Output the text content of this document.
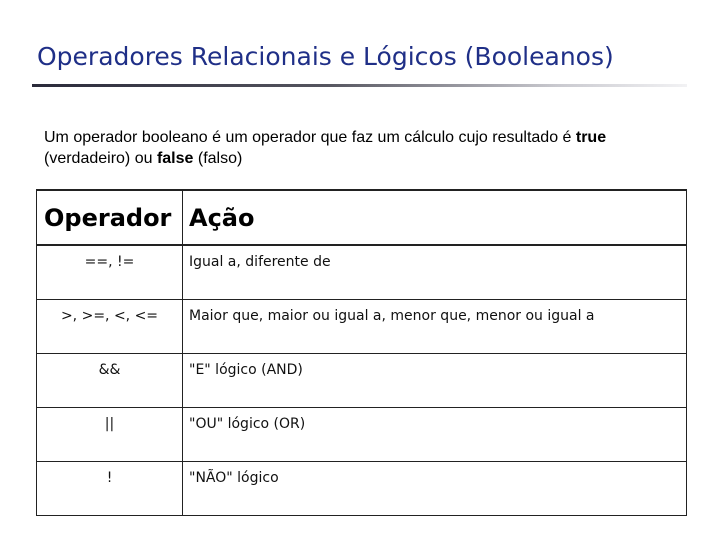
Operadores Relacionais e Lógicos (Booleanos)

Um operador booleano é um operador que faz um cálculo cujo resultado é true (verdadeiro) ou false (falso)

Operador	Ação
==, !=	Igual a, diferente de
>, >=, <, <=	Maior que, maior ou igual a, menor que, menor ou igual a
&&	"E" lógico (AND)
||	"OU" lógico (OR)
!	"NÃO" lógico
